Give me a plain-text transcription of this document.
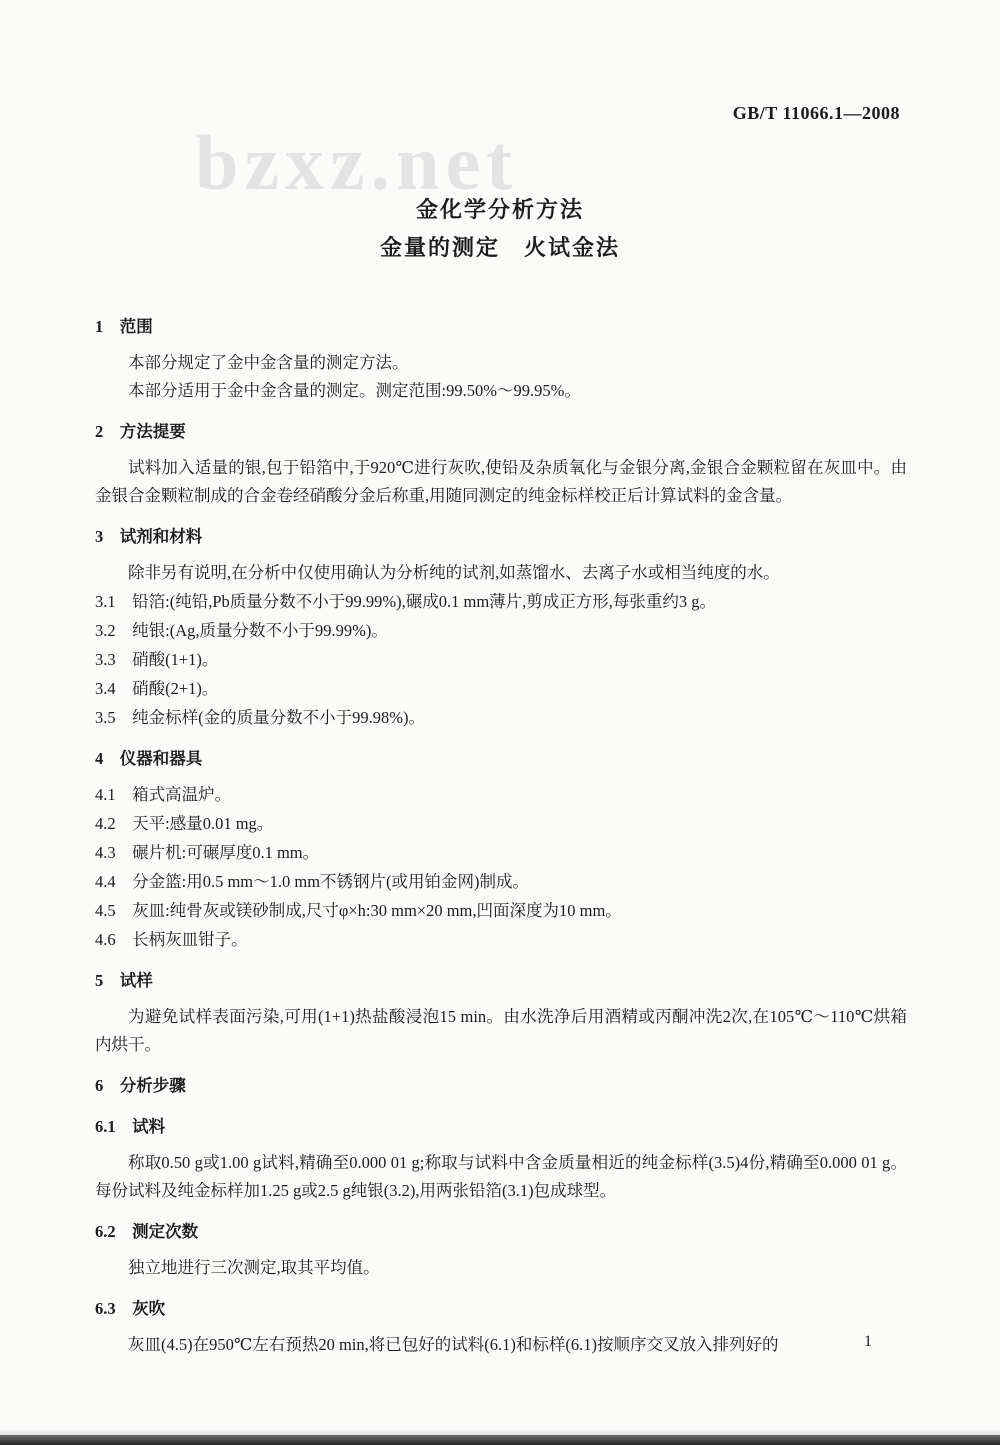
bzxz.net
GB/T 11066.1—2008
金化学分析方法
金量的测定　火试金法
1　范围
本部分规定了金中金含量的测定方法。
本部分适用于金中金含量的测定。测定范围:99.50%～99.95%。
2　方法提要
试料加入适量的银,包于铅箔中,于920℃进行灰吹,使铅及杂质氧化与金银分离,金银合金颗粒留在灰皿中。由金银合金颗粒制成的合金卷经硝酸分金后称重,用随同测定的纯金标样校正后计算试料的金含量。
3　试剂和材料
除非另有说明,在分析中仅使用确认为分析纯的试剂,如蒸馏水、去离子水或相当纯度的水。
3.1　铅箔:(纯铅,Pb质量分数不小于99.99%),碾成0.1 mm薄片,剪成正方形,每张重约3 g。
3.2　纯银:(Ag,质量分数不小于99.99%)。
3.3　硝酸(1+1)。
3.4　硝酸(2+1)。
3.5　纯金标样(金的质量分数不小于99.98%)。
4　仪器和器具
4.1　箱式高温炉。
4.2　天平:感量0.01 mg。
4.3　碾片机:可碾厚度0.1 mm。
4.4　分金篮:用0.5 mm～1.0 mm不锈钢片(或用铂金网)制成。
4.5　灰皿:纯骨灰或镁砂制成,尺寸φ×h:30 mm×20 mm,凹面深度为10 mm。
4.6　长柄灰皿钳子。
5　试样
为避免试样表面污染,可用(1+1)热盐酸浸泡15 min。由水洗净后用酒精或丙酮冲洗2次,在105℃～110℃烘箱内烘干。
6　分析步骤
6.1　试料
称取0.50 g或1.00 g试料,精确至0.000 01 g;称取与试料中含金质量相近的纯金标样(3.5)4份,精确至0.000 01 g。每份试料及纯金标样加1.25 g或2.5 g纯银(3.2),用两张铅箔(3.1)包成球型。
6.2　测定次数
独立地进行三次测定,取其平均值。
6.3　灰吹
灰皿(4.5)在950℃左右预热20 min,将已包好的试料(6.1)和标样(6.1)按顺序交叉放入排列好的	1
